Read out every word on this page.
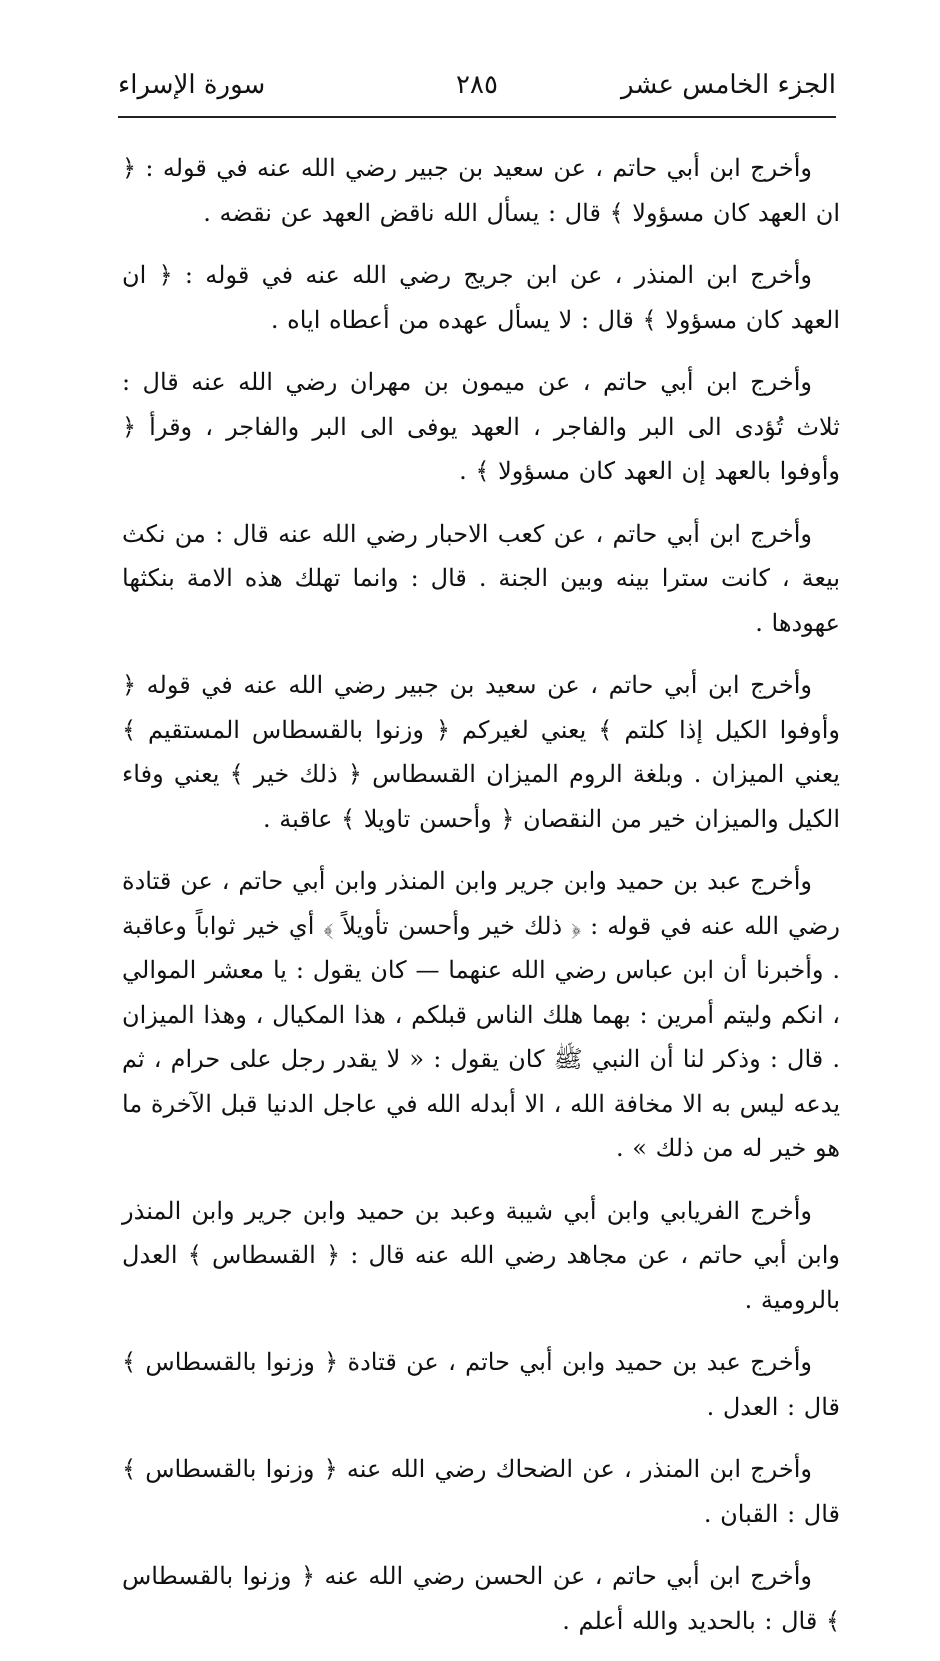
الجزء الخامس عشر
٢٨٥
سورة الإسراء

وأخرج ابن أبي حاتم ، عن سعيد بن جبير رضي الله عنه في قوله : ﴿ ان العهد كان مسؤولا ﴾ قال : يسأل الله ناقض العهد عن نقضه .

وأخرج ابن المنذر ، عن ابن جريج رضي الله عنه في قوله : ﴿ ان العهد كان مسؤولا ﴾ قال : لا يسأل عهده من أعطاه اياه .

وأخرج ابن أبي حاتم ، عن ميمون بن مهران رضي الله عنه قال : ثلاث تُؤدى الى البر والفاجر ، العهد يوفى الى البر والفاجر ، وقرأ ﴿ وأوفوا بالعهد إن العهد كان مسؤولا ﴾ .

وأخرج ابن أبي حاتم ، عن كعب الاحبار رضي الله عنه قال : من نكث بيعة ، كانت سترا بينه وبين الجنة . قال : وانما تهلك هذه الامة بنكثها عهودها .

وأخرج ابن أبي حاتم ، عن سعيد بن جبير رضي الله عنه في قوله ﴿ وأوفوا الكيل إذا كلتم ﴾ يعني لغيركم ﴿ وزنوا بالقسطاس المستقيم ﴾ يعني الميزان . وبلغة الروم الميزان القسطاس ﴿ ذلك خير ﴾ يعني وفاء الكيل والميزان خير من النقصان ﴿ وأحسن تاويلا ﴾ عاقبة .

وأخرج عبد بن حميد وابن جرير وابن المنذر وابن أبي حاتم ، عن قتادة رضي الله عنه في قوله : ﴿ ذلك خير وأحسن تأويلاً ﴾ أي خير ثواباً وعاقبة . وأخبرنا أن ابن عباس رضي الله عنهما — كان يقول : يا معشر الموالي ، انكم وليتم أمرين : بهما هلك الناس قبلكم ، هذا المكيال ، وهذا الميزان . قال : وذكر لنا أن النبي ﷺ كان يقول : « لا يقدر رجل على حرام ، ثم يدعه ليس به الا مخافة الله ، الا أبدله الله في عاجل الدنيا قبل الآخرة ما هو خير له من ذلك » .

وأخرج الفريابي وابن أبي شيبة وعبد بن حميد وابن جرير وابن المنذر وابن أبي حاتم ، عن مجاهد رضي الله عنه قال : ﴿ القسطاس ﴾ العدل بالرومية .

وأخرج عبد بن حميد وابن أبي حاتم ، عن قتادة ﴿ وزنوا بالقسطاس ﴾ قال : العدل .

وأخرج ابن المنذر ، عن الضحاك رضي الله عنه ﴿ وزنوا بالقسطاس ﴾ قال : القبان .

وأخرج ابن أبي حاتم ، عن الحسن رضي الله عنه ﴿ وزنوا بالقسطاس ﴾ قال : بالحديد والله أعلم .
